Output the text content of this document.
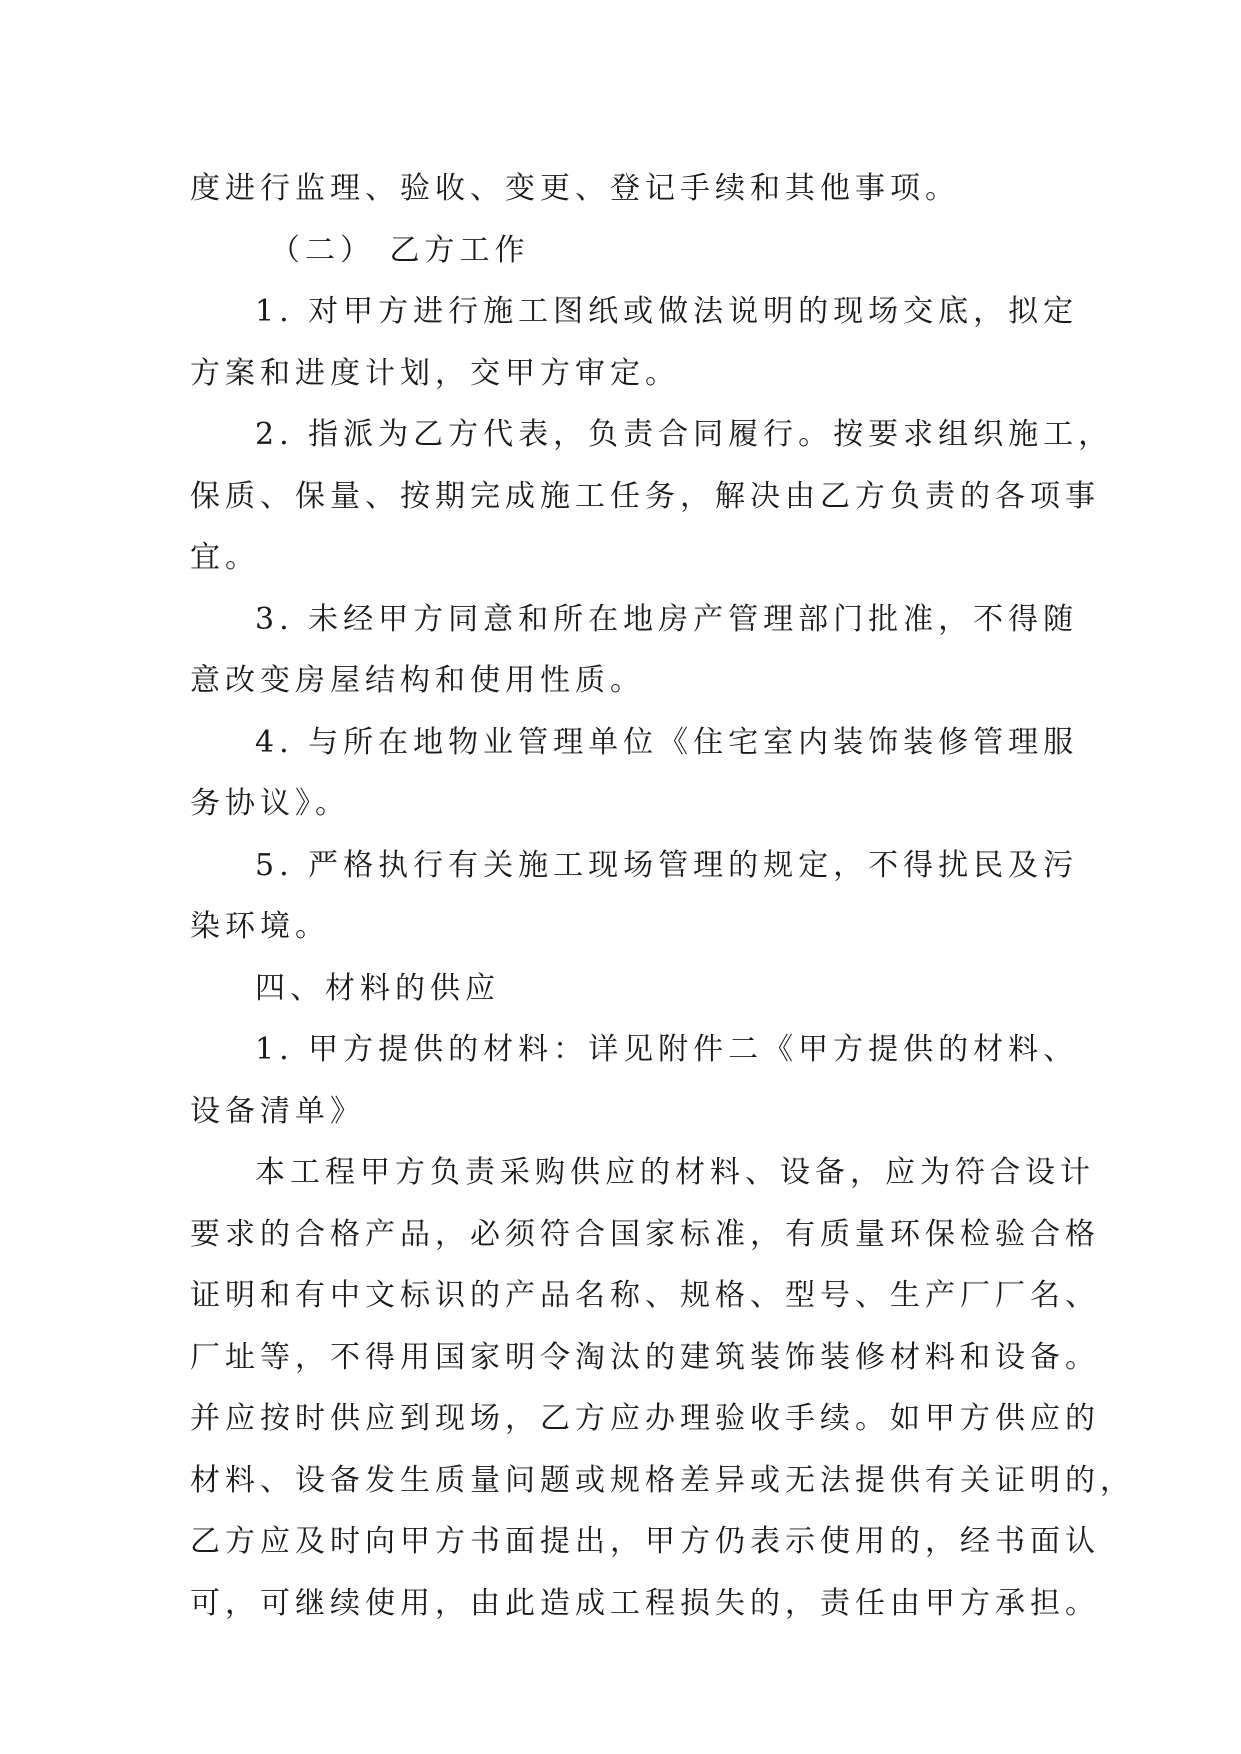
度进行监理、验收、变更、登记手续和其他事项。
（二） 乙方工作
1. 对甲方进行施工图纸或做法说明的现场交底，拟定
方案和进度计划，交甲方审定。
2. 指派为乙方代表，负责合同履行。按要求组织施工，
保质、保量、按期完成施工任务，解决由乙方负责的各项事
宜。
3. 未经甲方同意和所在地房产管理部门批准，不得随
意改变房屋结构和使用性质。
4. 与所在地物业管理单位《住宅室内装饰装修管理服
务协议》。
5. 严格执行有关施工现场管理的规定，不得扰民及污
染环境。
四、材料的供应
1. 甲方提供的材料：详见附件二《甲方提供的材料、
设备清单》
本工程甲方负责采购供应的材料、设备，应为符合设计
要求的合格产品，必须符合国家标准，有质量环保检验合格
证明和有中文标识的产品名称、规格、型号、生产厂厂名、
厂址等，不得用国家明令淘汰的建筑装饰装修材料和设备。
并应按时供应到现场，乙方应办理验收手续。如甲方供应的
材料、设备发生质量问题或规格差异或无法提供有关证明的，
乙方应及时向甲方书面提出，甲方仍表示使用的，经书面认
可，可继续使用，由此造成工程损失的，责任由甲方承担。
